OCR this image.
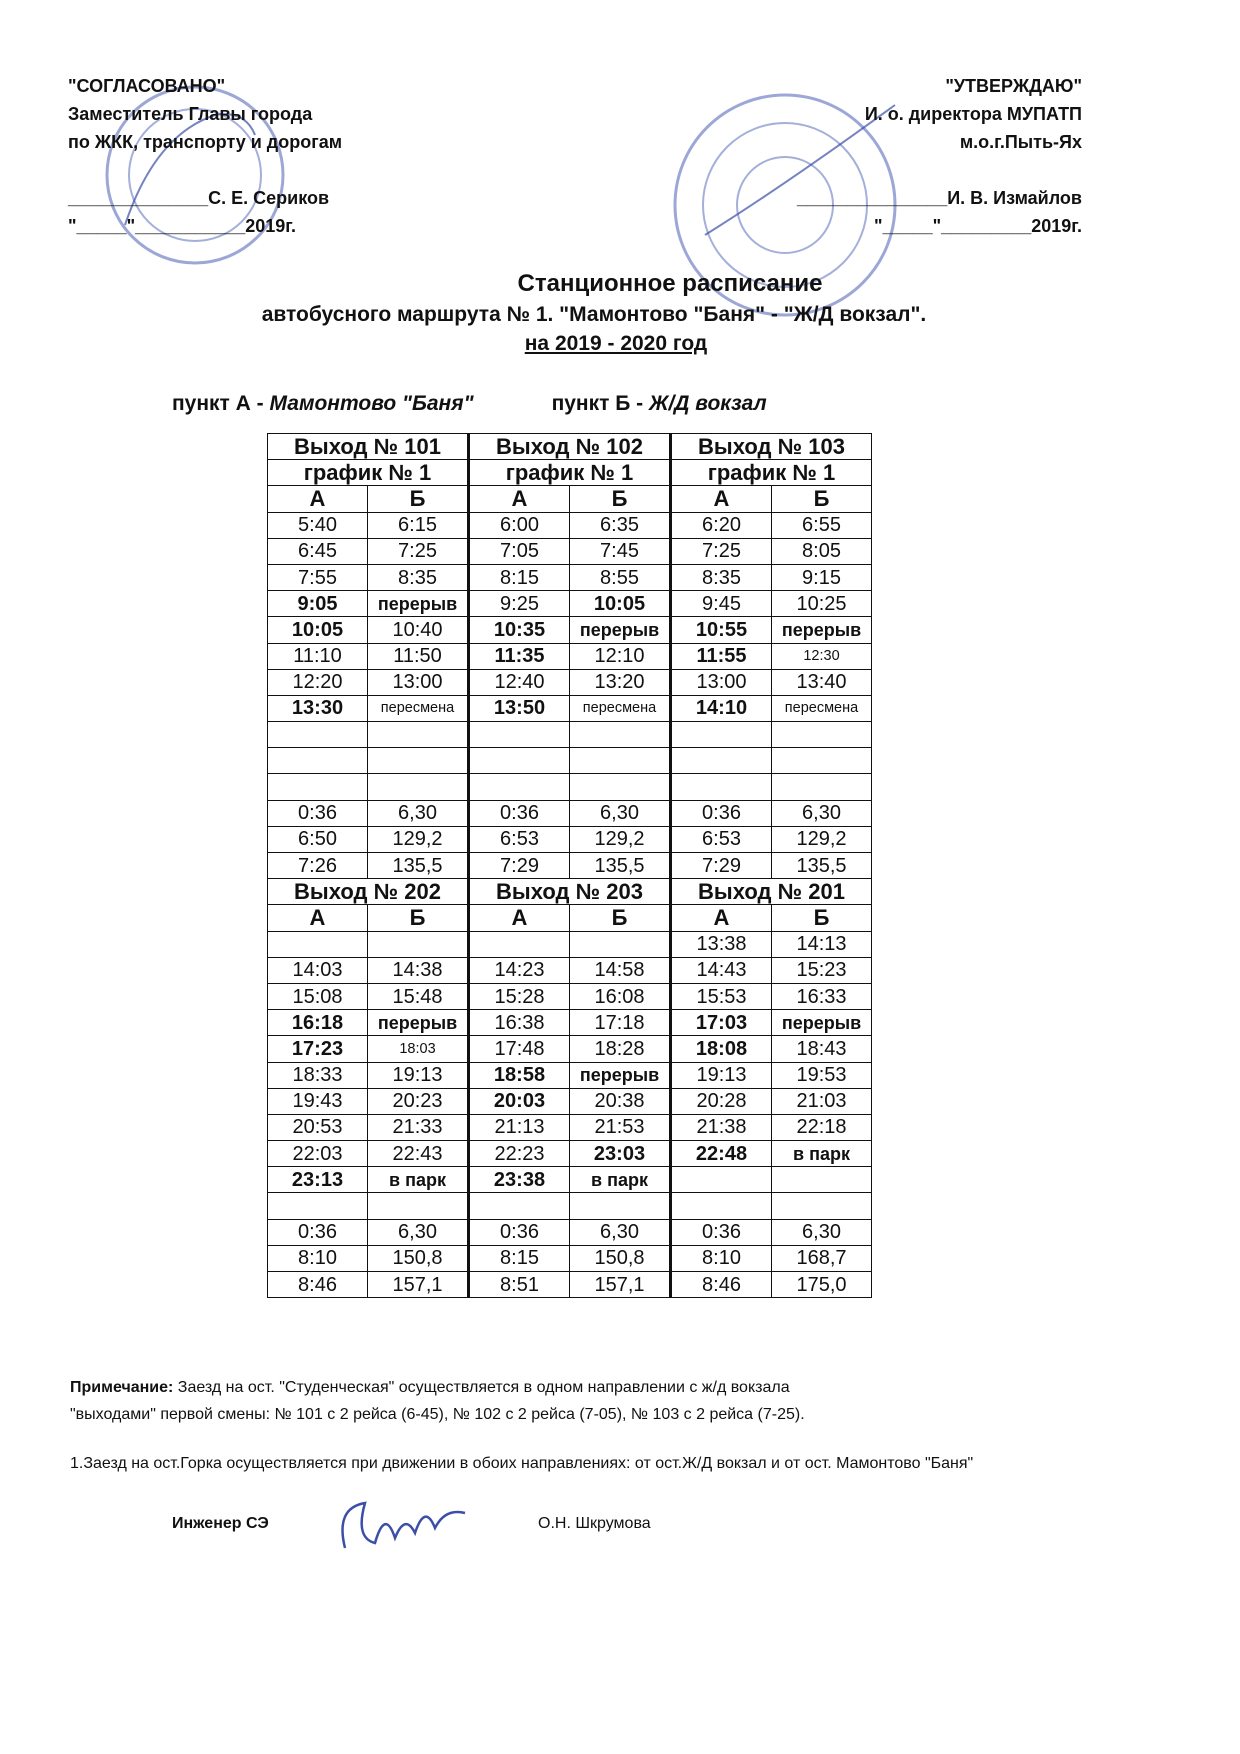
"СОГЛАСОВАНО"
Заместитель Главы города
по ЖКК, транспорту и дорогам
______________С. Е. Сериков
"_____"___________2019г.
"УТВЕРЖДАЮ"
И. о. директора МУПАТП
м.о.г.Пыть-Ях
_______________И. В. Измайлов
"_____"_________2019г.
Станционное расписание
автобусного маршрута № 1. "Мамонтово "Баня" - "Ж/Д вокзал".
на 2019 - 2020 год
пункт А - Мамонтово "Баня"	пункт Б - Ж/Д вокзал
Выход № 101		Выход № 102		Выход № 103	
график № 1		график № 1		график № 1	
А	Б	А	Б	А	Б
5:40	6:15	6:00	6:35	6:20	6:55
6:45	7:25	7:05	7:45	7:25	8:05
7:55	8:35	8:15	8:55	8:35	9:15
9:05	перерыв	9:25	10:05	9:45	10:25
10:05	10:40	10:35	перерыв	10:55	перерыв
11:10	11:50	11:35	12:10	11:55	12:30
12:20	13:00	12:40	13:20	13:00	13:40
13:30	пересмена	13:50	пересмена	14:10	пересмена

0:36	6,30	0:36	6,30	0:36	6,30
6:50	129,2	6:53	129,2	6:53	129,2
7:26	135,5	7:29	135,5	7:29	135,5
Выход № 202		Выход № 203		Выход № 201	
А	Б	А	Б	А	Б
				13:38	14:13
14:03	14:38	14:23	14:58	14:43	15:23
15:08	15:48	15:28	16:08	15:53	16:33
16:18	перерыв	16:38	17:18	17:03	перерыв
17:23	18:03	17:48	18:28	18:08	18:43
18:33	19:13	18:58	перерыв	19:13	19:53
19:43	20:23	20:03	20:38	20:28	21:03
20:53	21:33	21:13	21:53	21:38	22:18
22:03	22:43	22:23	23:03	22:48	в парк
23:13	в парк	23:38	в парк		

0:36	6,30	0:36	6,30	0:36	6,30
8:10	150,8	8:15	150,8	8:10	168,7
8:46	157,1	8:51	157,1	8:46	175,0
Примечание: Заезд на ост. "Студенческая" осуществляется в одном направлении с ж/д вокзала
"выходами" первой смены: № 101 с 2 рейса (6-45), № 102 с 2 рейса (7-05), № 103 с 2 рейса (7-25).
1.Заезд на ост.Горка осуществляется при движении в обоих направлениях: от ост.Ж/Д вокзал и от ост. Мамонтово "Баня"
Инженер СЭ	О.Н. Шкрумова
